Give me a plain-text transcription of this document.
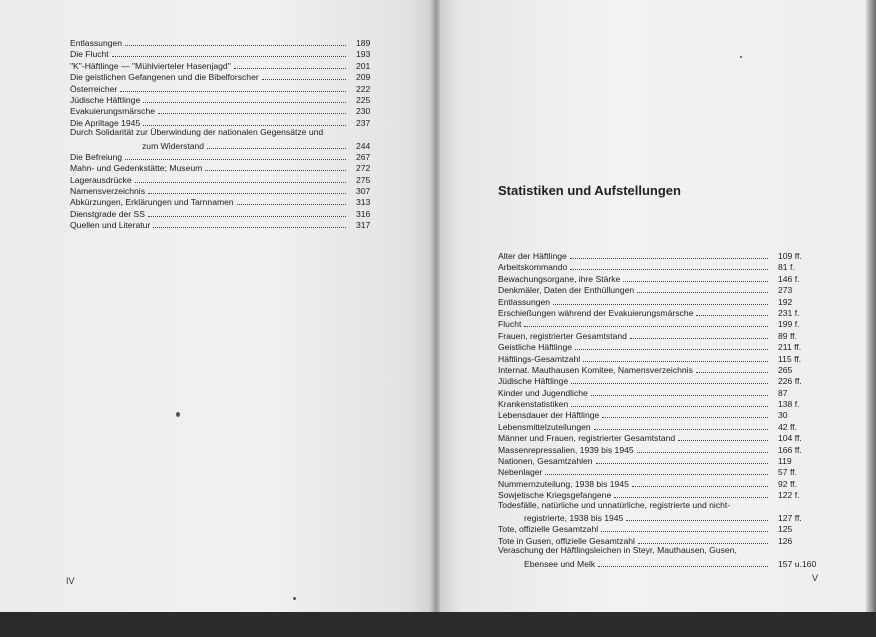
Entlassungen	189
Die Flucht	193
"K"-Häftlinge — "Mühlvierteler Hasenjagd"	201
Die geistlichen Gefangenen und die Bibelforscher	209
Österreicher	222
Jüdische Häftlinge	225
Evakuierungsmärsche	230
Die Apriltage 1945	237
Durch Solidarität zur Überwindung der nationalen Gegensätze und
zum Widerstand	244
Die Befreiung	267
Mahn- und Gedenkstätte; Museum	272
Lagerausdrücke	275
Namensverzeichnis	307
Abkürzungen, Erklärungen und Tarnnamen	313
Dienstgrade der SS	316
Quellen und Literatur	317
Statistiken und Aufstellungen
Alter der Häftlinge	109 ff.
Arbeitskommando	81 f.
Bewachungsorgane, ihre Stärke	146 f.
Denkmäler, Daten der Enthüllungen	273
Entlassungen	192
Erschießungen während der Evakuierungsmärsche	231 f.
Flucht	199 f.
Frauen, registrierter Gesamtstand	89 ff.
Geistliche Häftlinge	211 ff.
Häftlings-Gesamtzahl	115 ff.
Internat. Mauthausen Komitee, Namensverzeichnis	265
Jüdische Häftlinge	226 ff.
Kinder und Jugendliche	87
Krankenstatistiken	138 f.
Lebensdauer der Häftlinge	30
Lebensmittelzuteilungen	42 ff.
Männer und Frauen, registrierter Gesamtstand	104 ff.
Massenrepressalien, 1939 bis 1945	166 ff.
Nationen, Gesamtzahlen	119
Nebenlager	57 ff.
Nummernzuteilung, 1938 bis 1945	92 ff.
Sowjetische Kriegsgefangene	122 f.
Todesfälle, natürliche und unnatürliche, registrierte und nicht-
registrierte, 1938 bis 1945	127 ff.
Tote, offizielle Gesamtzahl	125
Tote in Gusen, offizielle Gesamtzahl	126
Veraschung der Häftlingsleichen in Steyr, Mauthausen, Gusen,
Ebensee und Melk	157 u.160
IV	V
